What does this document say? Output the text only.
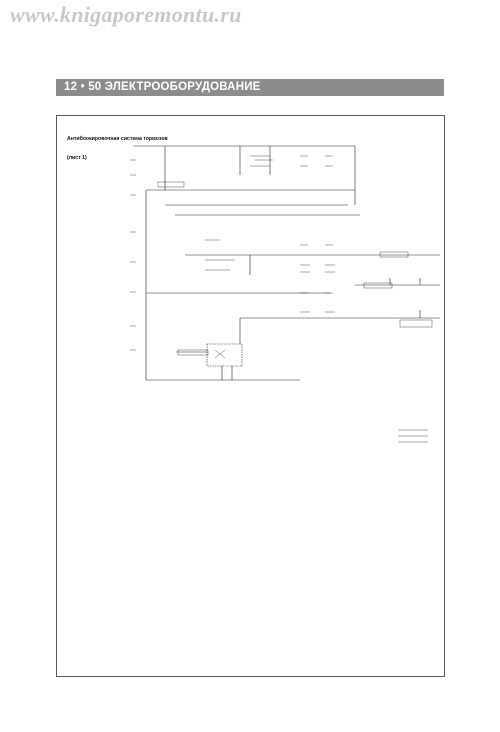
www.knigaporemontu.ru
12 • 50 ЭЛЕКТРООБОРУДОВАНИЕ

Антиблокировочная система тормозов

(лист 1)
